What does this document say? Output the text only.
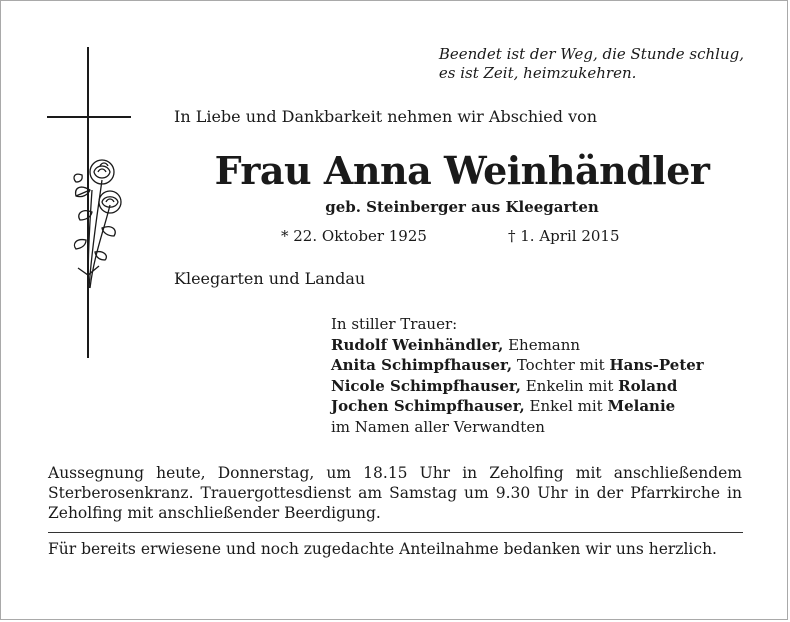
Beendet ist der Weg, die Stunde schlug,
es ist Zeit, heimzukehren.
In Liebe und Dankbarkeit nehmen wir Abschied von
Frau Anna Weinhändler
geb. Steinberger aus Kleegarten
* 22. Oktober 1925	† 1. April 2015
Kleegarten und Landau
In stiller Trauer:
Rudolf Weinhändler, Ehemann
Anita Schimpfhauser, Tochter mit Hans-Peter
Nicole Schimpfhauser, Enkelin mit Roland
Jochen Schimpfhauser, Enkel mit Melanie
im Namen aller Verwandten
Aussegnung heute, Donnerstag, um 18.15 Uhr in Zeholfing mit anschließendem Sterberosenkranz. Trauergottesdienst am Samstag um 9.30 Uhr in der Pfarrkirche in Zeholfing mit anschließender Beerdigung.
Für bereits erwiesene und noch zugedachte Anteilnahme bedanken wir uns herzlich.
